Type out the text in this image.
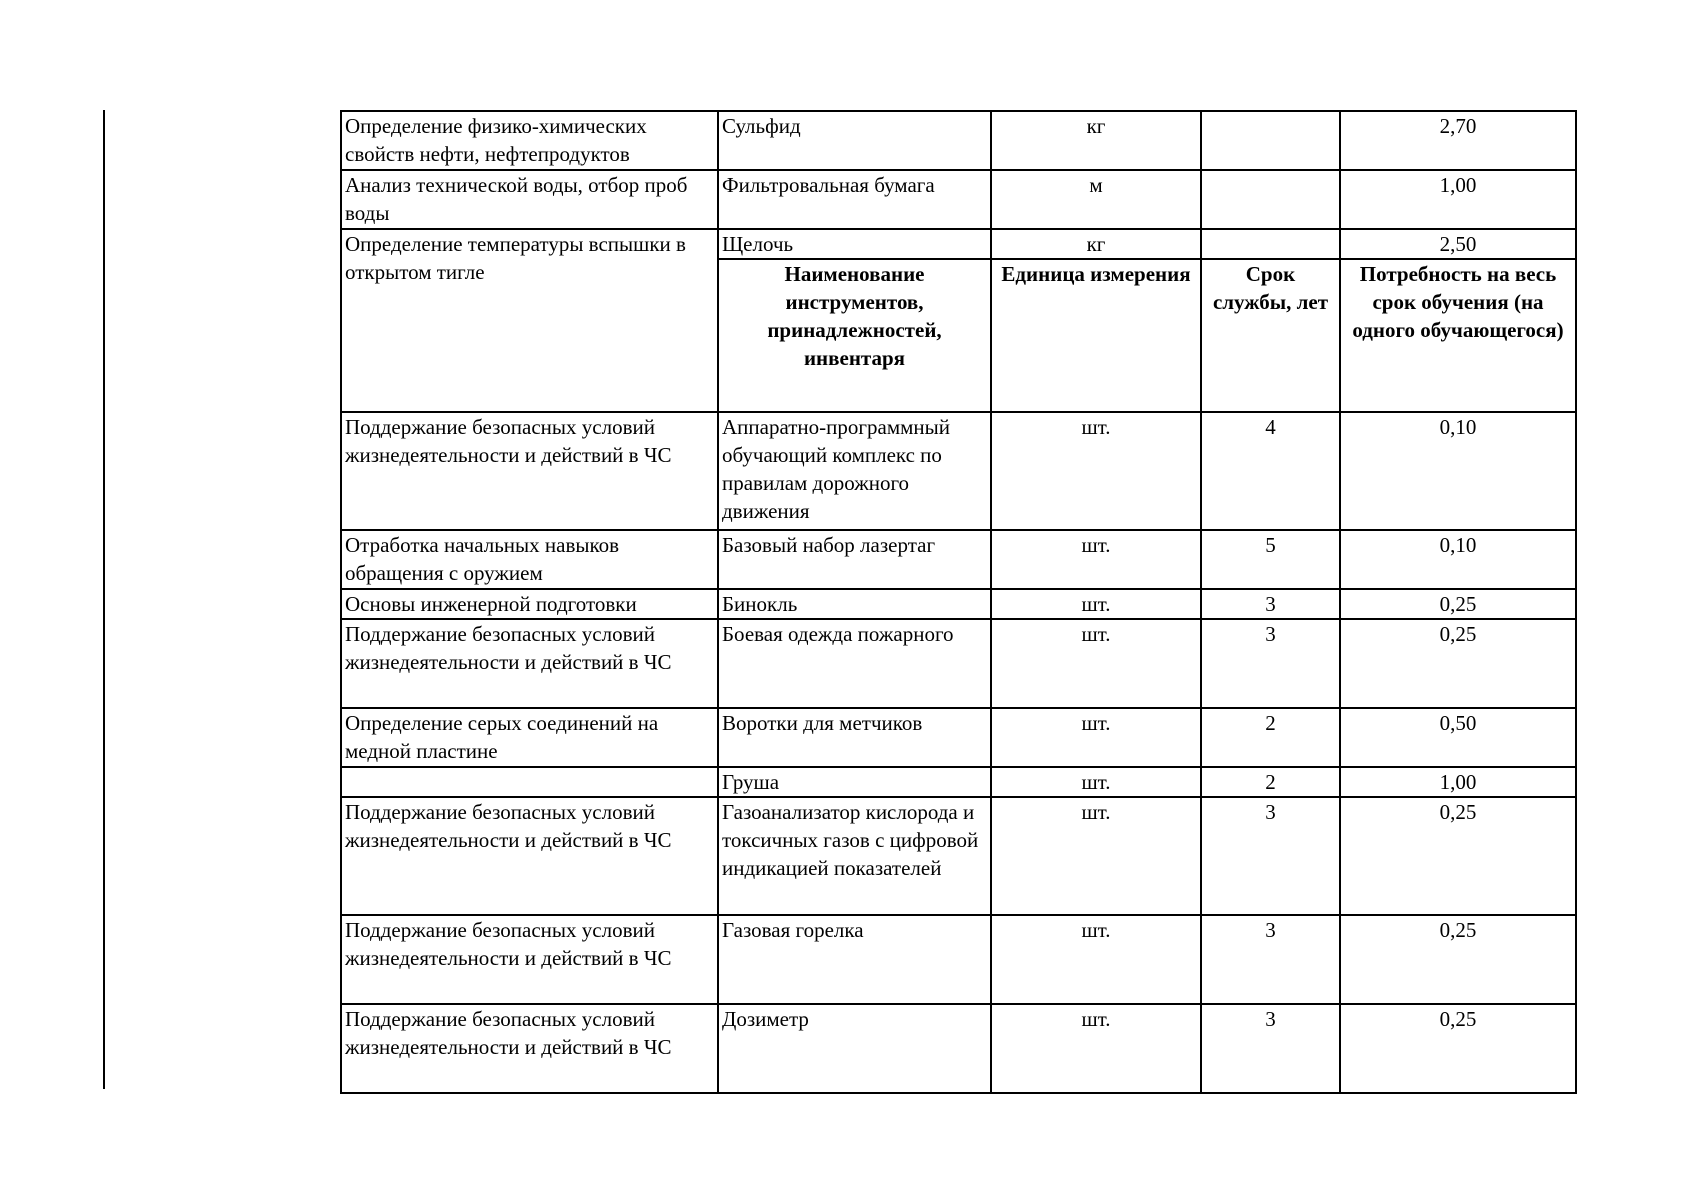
Определение физико-химических свойств нефти, нефтепродуктов	Сульфид	кг		2,70
Анализ технической воды, отбор проб воды	Фильтровальная бумага	м		1,00
Определение температуры вспышки в открытом тигле	Щелочь	кг		2,50
	Наименование инструментов, принадлежностей, инвентаря	Единица измерения	Срок службы, лет	Потребность на весь срок обучения (на одного обучающегося)
Поддержание безопасных условий жизнедеятельности и действий в ЧС	Аппаратно-программный обучающий комплекс по правилам дорожного движения	шт.	4	0,10
Отработка начальных навыков обращения с оружием	Базовый набор лазертаг	шт.	5	0,10
Основы инженерной подготовки	Бинокль	шт.	3	0,25
Поддержание безопасных условий жизнедеятельности и действий в ЧС	Боевая одежда пожарного	шт.	3	0,25
Определение серых соединений на медной пластине	Воротки для метчиков	шт.	2	0,50
	Груша	шт.	2	1,00
Поддержание безопасных условий жизнедеятельности и действий в ЧС	Газоанализатор кислорода и токсичных газов с цифровой индикацией показателей	шт.	3	0,25
Поддержание безопасных условий жизнедеятельности и действий в ЧС	Газовая горелка	шт.	3	0,25
Поддержание безопасных условий жизнедеятельности и действий в ЧС	Дозиметр	шт.	3	0,25
